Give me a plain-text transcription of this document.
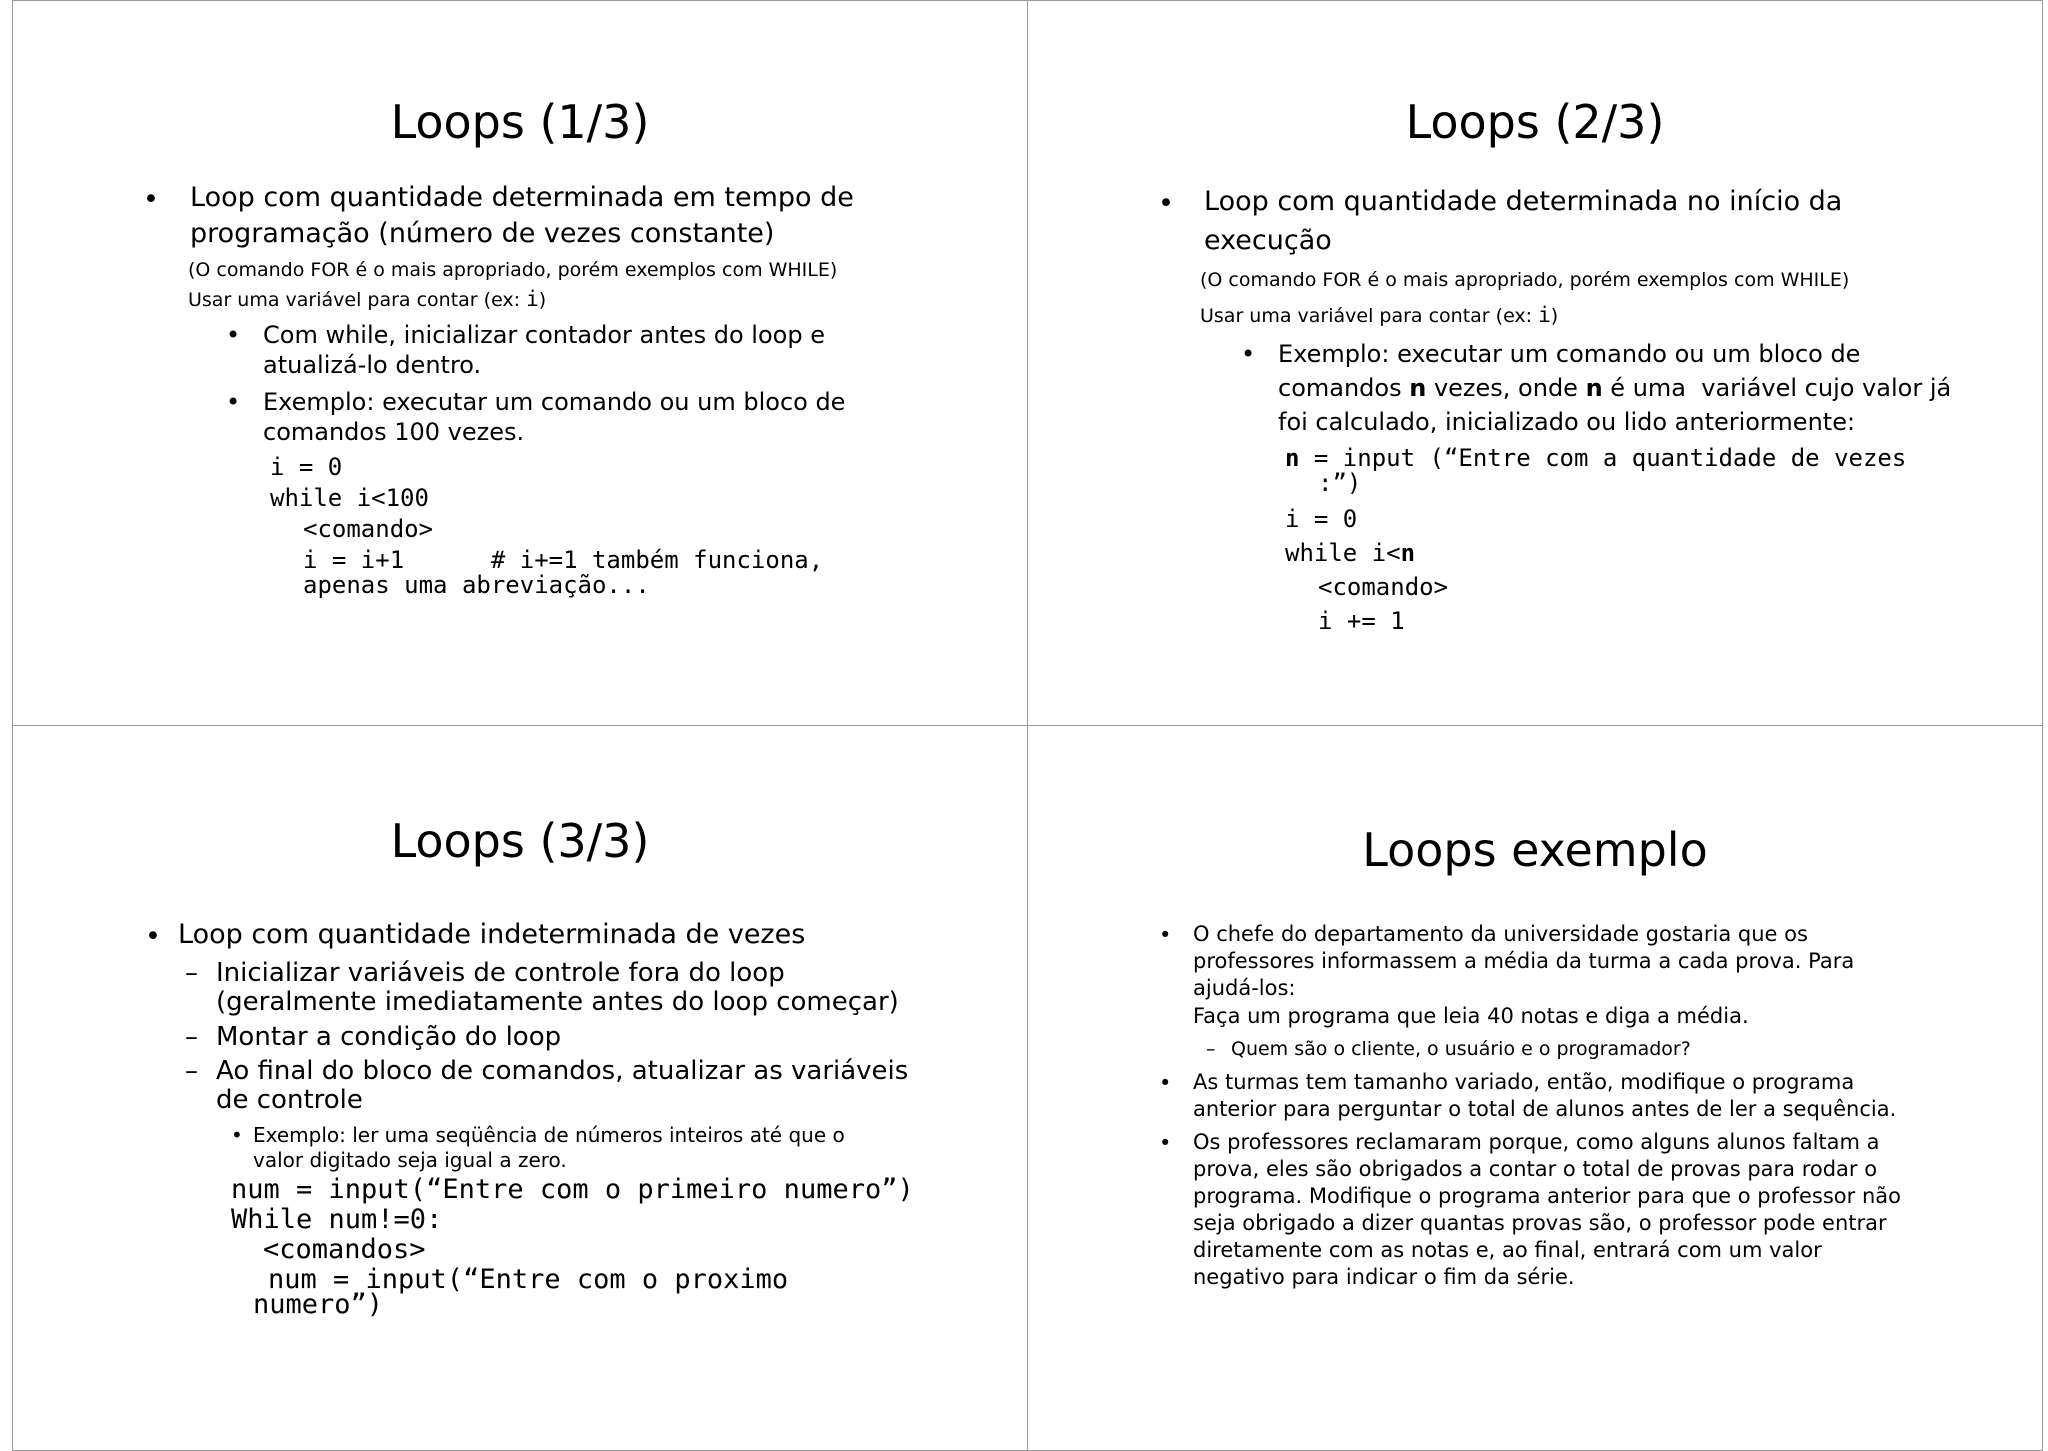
Loops (1/3)
• Loop com quantidade determinada em tempo de
programação (número de vezes constante)
(O comando FOR é o mais apropriado, porém exemplos com WHILE)
Usar uma variável para contar (ex: i)
• Com while, inicializar contador antes do loop e
atualizá-lo dentro.
• Exemplo: executar um comando ou um bloco de
comandos 100 vezes.
i = 0
while i<100
<comando>
i = i+1      # i+=1 também funciona,
apenas uma abreviação...
Loops (2/3)
• Loop com quantidade determinada no início da
execução
(O comando FOR é o mais apropriado, porém exemplos com WHILE)
Usar uma variável para contar (ex: i)
• Exemplo: executar um comando ou um bloco de
comandos n vezes, onde n é uma  variável cujo valor já
foi calculado, inicializado ou lido anteriormente:
n = input (“Entre com a quantidade de vezes
:”)
i = 0
while i<n
<comando>
i += 1
Loops (3/3)
• Loop com quantidade indeterminada de vezes
– Inicializar variáveis de controle fora do loop
(geralmente imediatamente antes do loop começar)
– Montar a condição do loop
– Ao final do bloco de comandos, atualizar as variáveis
de controle
• Exemplo: ler uma seqüência de números inteiros até que o
valor digitado seja igual a zero.
num = input(“Entre com o primeiro numero”)
While num!=0:
<comandos>
num = input(“Entre com o proximo
numero”)
Loops exemplo
• O chefe do departamento da universidade gostaria que os
professores informassem a média da turma a cada prova. Para
ajudá-los:
Faça um programa que leia 40 notas e diga a média.
– Quem são o cliente, o usuário e o programador?
• As turmas tem tamanho variado, então, modifique o programa
anterior para perguntar o total de alunos antes de ler a sequência.
• Os professores reclamaram porque, como alguns alunos faltam a
prova, eles são obrigados a contar o total de provas para rodar o
programa. Modifique o programa anterior para que o professor não
seja obrigado a dizer quantas provas são, o professor pode entrar
diretamente com as notas e, ao final, entrará com um valor
negativo para indicar o fim da série.
